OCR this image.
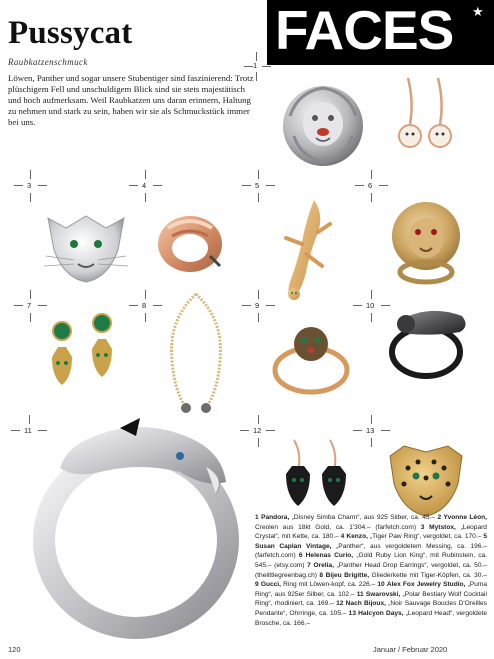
Pussycat
Raubkatzenschmuck
Löwen, Panther und sogar unsere Stubentiger sind faszinierend: Trotz plüschigem Fell und unschuldigem Blick sind sie stets majestätisch und hoch aufmerksam. Weil Raubkatzen uns daran erinnern, Haltung zu nehmen und stark zu sein, haben wir sie als Schmuckstück immer bei uns.
FACES ★
1
3	4	5	6
7	8	9	10
11	12	13
1 Pandora, „Disney Simba Charm“, aus 925 Silber, ca. 45.– 2 Yvonne Léon, Creolen aus 18kt Gold, ca. 1'304.– (farfetch.com) 3 Mytstox, „Leopard Crystal“, mit Kette, ca. 180.– 4 Kenzo, „Tiger Paw Ring“, vergoldet, ca. 170.– 5 Susan Caplan Vintage, „Panther“, aus vergoldetem Messing, ca. 196.– (farfetch.com) 6 Helenas Curio, „Gold Ruby Lion King“, mit Rubinstein, ca. 545.– (etsy.com) 7 Orelia, „Panther Head Drop Earrings“, vergoldet, ca. 50.– (thelittlegreenbag.ch) 8 Bijeu Brigitte, Gliederkette mit Tiger-Köpfen, ca. 30.– 9 Gucci, Ring mit Löwen-kopf, ca. 226.– 10 Alex Fox Jewelry Studio, „Puma Ring“, aus 925er Silber, ca. 102.– 11 Swarovski, „Polar Bestiary Wolf Cocktail Ring“, rhodiniert, ca. 169.– 12 Nach Bijoux, „Noir Sauvage Boucles D'Oreilles Pendante“, Ohrringe, ca. 105.– 13 Halcyon Days, „Leopard Head“, vergoldete Brosche, ca. 166.–
120	Januar / Februar 2020
